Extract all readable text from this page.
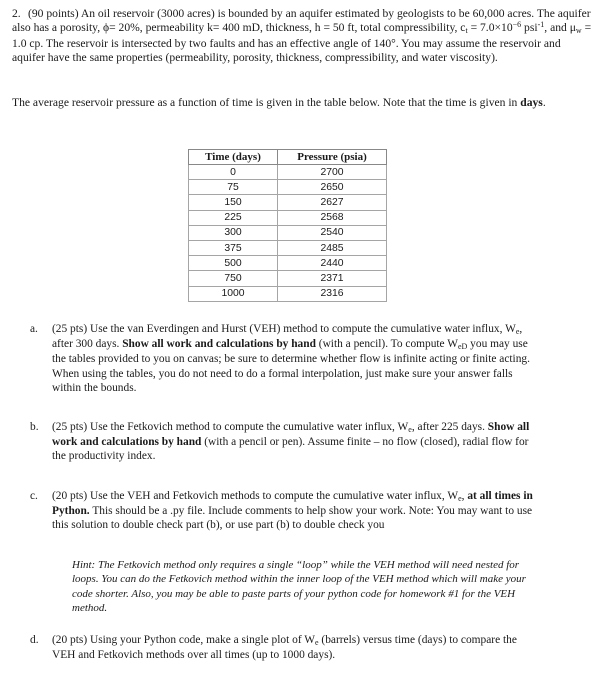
2. (90 points) An oil reservoir (3000 acres) is bounded by an aquifer estimated by geologists to be 60,000 acres. The aquifer also has a porosity, ϕ= 20%, permeability k= 400 mD, thickness, h = 50 ft, total compressibility, ct = $7.0\times 10^{-6}$ psi$^{-1}$, and μw = 1.0 cp. The reservoir is intersected by two faults and has an effective angle of 140°. You may assume the reservoir and aquifer have the same properties (permeability, porosity, thickness, compressibility, and water viscosity).
The average reservoir pressure as a function of time is given in the table below. Note that the time is given in days.
Time (days)	Pressure (psia)
0	2700
75	2650
150	2627
225	2568
300	2540
375	2485
500	2440
750	2371
1000	2316
a. (25 pts) Use the van Everdingen and Hurst (VEH) method to compute the cumulative water influx, We, after 300 days. Show all work and calculations by hand (with a pencil). To compute WeD you may use the tables provided to you on canvas; be sure to determine whether flow is infinite acting or finite acting. When using the tables, you do not need to do a formal interpolation, just make sure your answer falls within the bounds.
b. (25 pts) Use the Fetkovich method to compute the cumulative water influx, We, after 225 days. Show all work and calculations by hand (with a pencil or pen). Assume finite – no flow (closed), radial flow for the productivity index.
c. (20 pts) Use the VEH and Fetkovich methods to compute the cumulative water influx, We, at all times in Python. This should be a .py file. Include comments to help show your work. Note: You may want to use this solution to double check part (b), or use part (b) to double check you
Hint: The Fetkovich method only requires a single “loop” while the VEH method will need nested for loops. You can do the Fetkovich method within the inner loop of the VEH method which will make your code shorter. Also, you may be able to paste parts of your python code for homework #1 for the VEH method.
d. (20 pts) Using your Python code, make a single plot of We (barrels) versus time (days) to compare the VEH and Fetkovich methods over all times (up to 1000 days).
